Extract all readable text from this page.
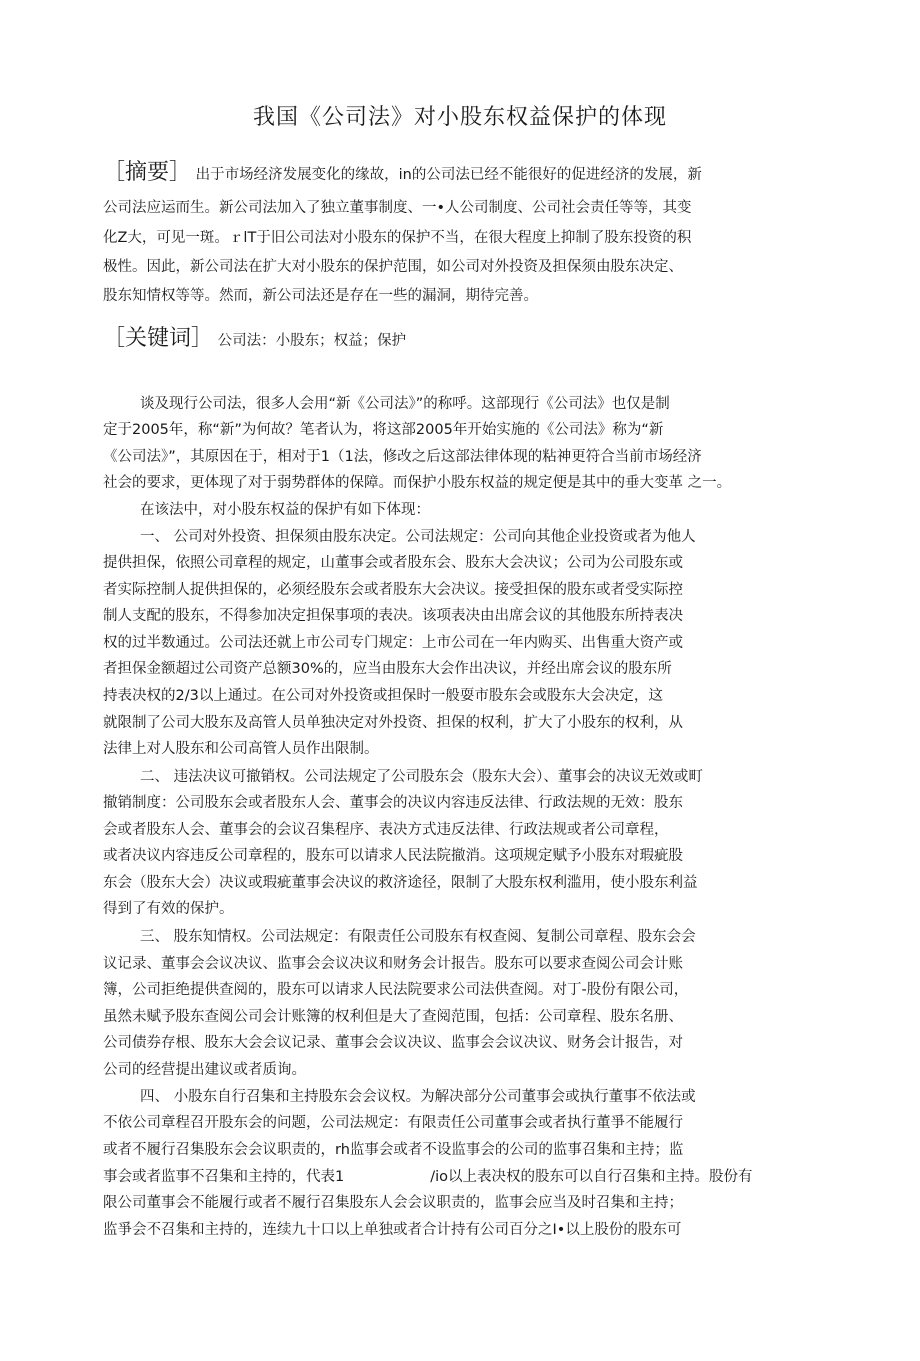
我国《公司法》对小股东权益保护的体现
［摘要］ 出于市场经济发展变化的缘故，in的公司法已经不能很好的促进经济的发展，新
公司法应运而生。新公司法加入了独立董事制度、一•人公司制度、公司社会责任等等，其变
化Z大，可见一斑。ｒlT于旧公司法对小股东的保护不当，在很大程度上抑制了股东投资的积
极性。因此，新公司法在扩大对小股东的保护范围，如公司对外投资及担保须由股东决定、
股东知情权等等。然而，新公司法还是存在一些的漏洞，期待完善。
［关键词］ 公司法：小股东；权益；保护
谈及现行公司法，很多人会用“新《公司法》”的称呼。这部现行《公司法》也仅是制
定于2005年，称“新”为何故？笔者认为，将这部2005年开始实施的《公司法》称为“新
《公司法》”，其原因在于，相对于1（1法，修改之后这部法律体现的粘神更符合当前市场经济
社会的要求，更体现了对于弱势群体的保障。而保护小股东权益的规定便是其中的垂大变革 之一。
在该法中，对小股东权益的保护有如下体现：
一、 公司对外投资、担保须由股东决定。公司法规定：公司向其他企业投资或者为他人
提供担保，依照公司章程的规定，山董事会或者股东会、股东大会决议；公司为公司股东或
者实际控制人捉供担保的，必须经股东会或者股东大会决议。接受担保的股东或者受实际控
制人支配的股东，不得参加决定担保事项的表决。该项表决由出席会议的其他股东所持表决
权的过半数通过。公司法还就上市公司专门规定：上市公司在一年内购买、出售重大资产或
者担保金额超过公司资产总额30%的，应当由股东大会作出决议，并经出席会议的股东所
持表决权的2/3以上通过。在公司对外投资或担保时一般耍市股东会或股东大会决定，这
就限制了公司大股东及高管人员单独决定对外投资、担保的权利，扩大了小股东的权利，从
法律上对人股东和公司高管人员作出限制。
二、 违法决议可撤销权。公司法规定了公司股东会（股东大会）、董事会的决议无效或町
撤销制度：公司股东会或者股东人会、董事会的决议内容违反法律、行政法规的无效：股东
会或者股东人会、董事会的会议召集程序、表决方式违反法律、行政法规或者公司章程，
或者决议内容违反公司章程的，股东可以请求人民法院撤消。这项规定赋予小股东对瑕疵股
东会（股东大会）决议或瑕疵董事会决议的救济途径，限制了大股东权利滥用，使小股东利益
得到了有效的保护。
三、 股东知情权。公司法规定：有限责任公司股东有权查阅、复制公司章程、股东会会
议记录、董事会会议决议、监事会会议决议和财务会计报告。股东可以要求查阅公司会计账
簿，公司拒绝提供查阅的，股东可以请求人民法院要求公司法供查阅。对丁-股份有限公司，
虽然未赋予股东查阅公司会计账簿的权利但是大了查阅范围，包括：公司章程、股东名册、
公司债券存根、股东大会会议记录、董事会会议决议、监事会会议决议、财务会计报告，对
公司的经营提出建议或者质询。
四、 小股东自行召集和主持股东会会议权。为解决部分公司董事会或执行董事不依法或
不依公司章程召开股东会的问题，公司法规定：有限责任公司董事会或者执行董爭不能履行
或者不履行召集股东会会议职责的，rh监事会或者不设监事会的公司的监事召集和主持；监
事会或者监事不召集和主持的，代表1	/io以上表决权的股东可以自行召集和主持。股份有
限公司董事会不能履行或者不履行召集股东人会会议职责的，监事会应当及时召集和主持；
监爭会不召集和主持的，连续九十口以上单独或者合计持有公司百分之I•以上股份的股东可
